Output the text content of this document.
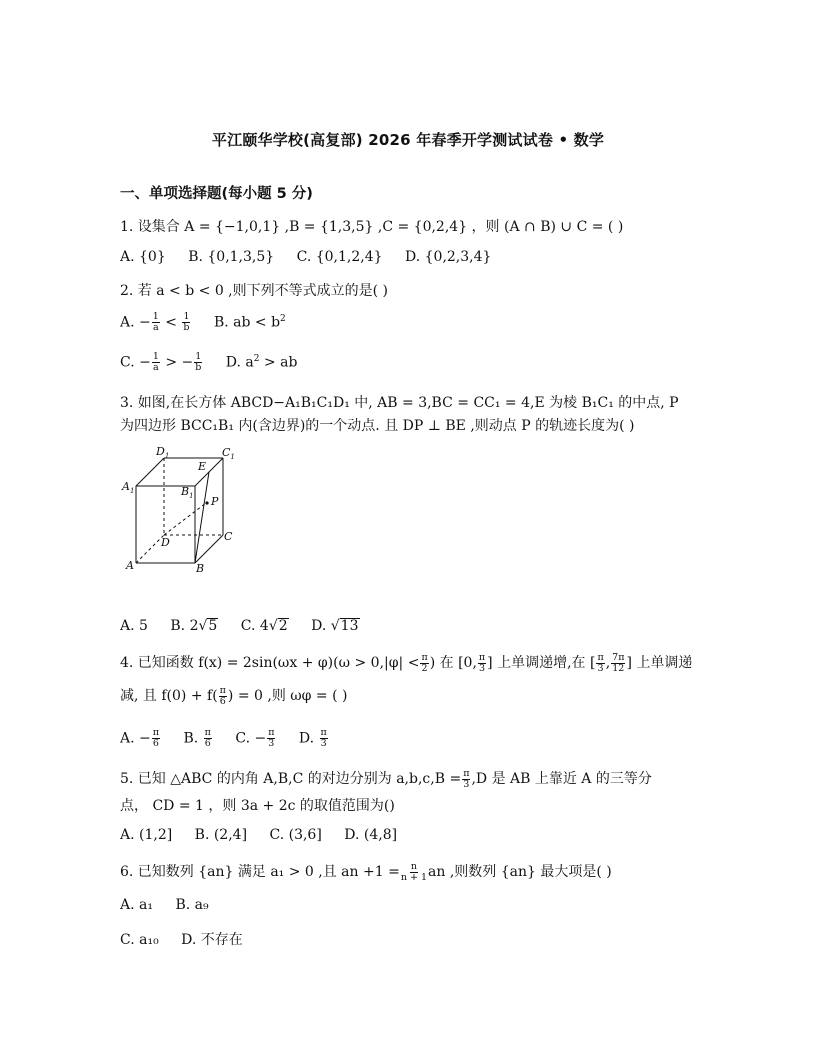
平江颐华学校(高复部) 2026 年春季开学测试试卷 • 数学
一、单项选择题(每小题 5 分)
1. 设集合 A = {−1,0,1} ,B = {1,3,5} ,C = {0,2,4} ，则 (A ∩ B) ∪ C = ( )
A. {0} B. {0,1,3,5} C. {0,1,2,4} D. {0,2,3,4}
2. 若 a < b < 0 ,则下列不等式成立的是( )
A. − $\frac{1}{a} < \frac{1}{b} B$. ab < $b^2$
C. − $\frac{1}{a}$ > − $\frac{1}{b} D$. $a^2$ > ab
3. 如图,在长方体 ABCD−A₁B₁C₁D₁ 中, AB = 3,BC = CC₁ = 4,E 为棱 B₁C₁ 的中点, P 为四边形 BCC₁B₁ 内(含边界)的一个动点. 且 DP ⊥ BE ,则动点 P 的轨迹长度为( )
$D_1$	$C_1$
$A_1$	$B_1$
E
P
D	C
A	B
A. 5 B. 2√5 C. 4√2 D. √13
4. 已知函数 $f(x) = 2\sin(\omega x + \varphi)(\omega > 0,|\varphi| < \frac{\pi}{2}$ ) 在 [0, $\frac{\pi}{3}$ ] 上单调递增,在 [ $\frac{\pi}{3}$ , $\frac{7\pi}{12}$ ] 上单调递
减, 且 $f(0) + f( \frac{\pi}{6}$ ) = 0 ,则 ωφ = ( )
A. − $\frac{\pi}{6} B$. $\frac{\pi}{6} C$. − $\frac{\pi}{3} D$. $\frac{\pi}{3}$
5. 已知 △ABC 的内角 A,B,C 的对边分别为 $a,b,c,B = \frac{\pi}{3} ,D$ 是 AB 上靠近 A 的三等分
点， CD = 1 ，则 3a + 2c 的取值范围为()
A. (1,2] B. (2,4] C. (3,6] D. (4,8]
6. 已知数列 {an} 满足 a₁ > 0 ,且 an $+1 = \frac{n}{n + 1}$ an ,则数列 {an} 最大项是( )
A. a₁ B. a₉
C. a₁₀ D. 不存在
